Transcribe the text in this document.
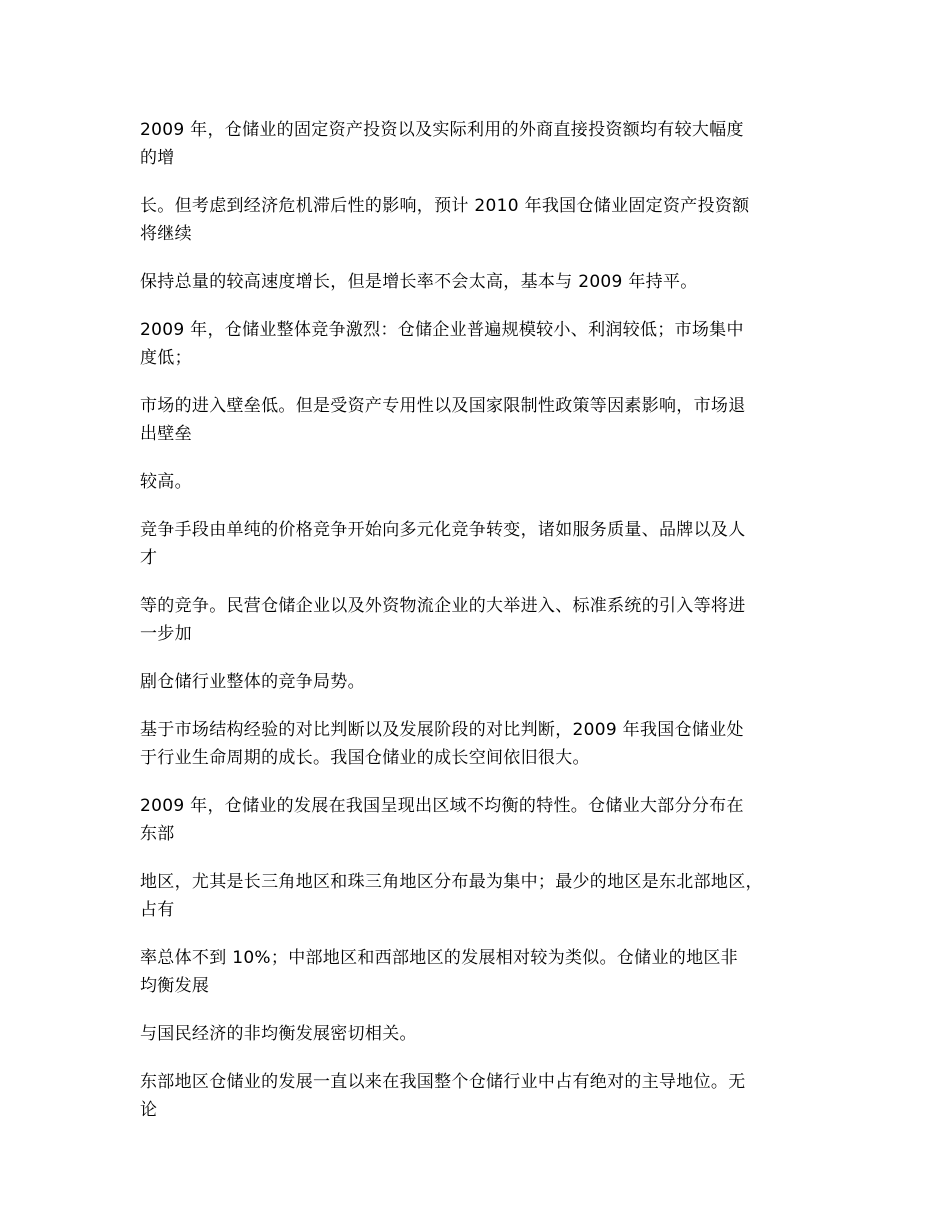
2009 年，仓储业的固定资产投资以及实际利用的外商直接投资额均有较大幅度
的增

长。但考虑到经济危机滞后性的影响，预计 2010 年我国仓储业固定资产投资额
将继续

保持总量的较高速度增长，但是增长率不会太高，基本与 2009 年持平。

2009 年，仓储业整体竞争激烈：仓储企业普遍规模较小、利润较低；市场集中
度低；

市场的进入壁垒低。但是受资产专用性以及国家限制性政策等因素影响，市场退
出壁垒

较高。

竞争手段由单纯的价格竞争开始向多元化竞争转变，诸如服务质量、品牌以及人
才

等的竞争。民营仓储企业以及外资物流企业的大举进入、标准系统的引入等将进
一步加

剧仓储行业整体的竞争局势。

基于市场结构经验的对比判断以及发展阶段的对比判断，2009 年我国仓储业处
于行业生命周期的成长。我国仓储业的成长空间依旧很大。

2009 年，仓储业的发展在我国呈现出区域不均衡的特性。仓储业大部分分布在
东部

地区，尤其是长三角地区和珠三角地区分布最为集中；最少的地区是东北部地区，
占有

率总体不到 10%；中部地区和西部地区的发展相对较为类似。仓储业的地区非
均衡发展

与国民经济的非均衡发展密切相关。

东部地区仓储业的发展一直以来在我国整个仓储行业中占有绝对的主导地位。无
论
